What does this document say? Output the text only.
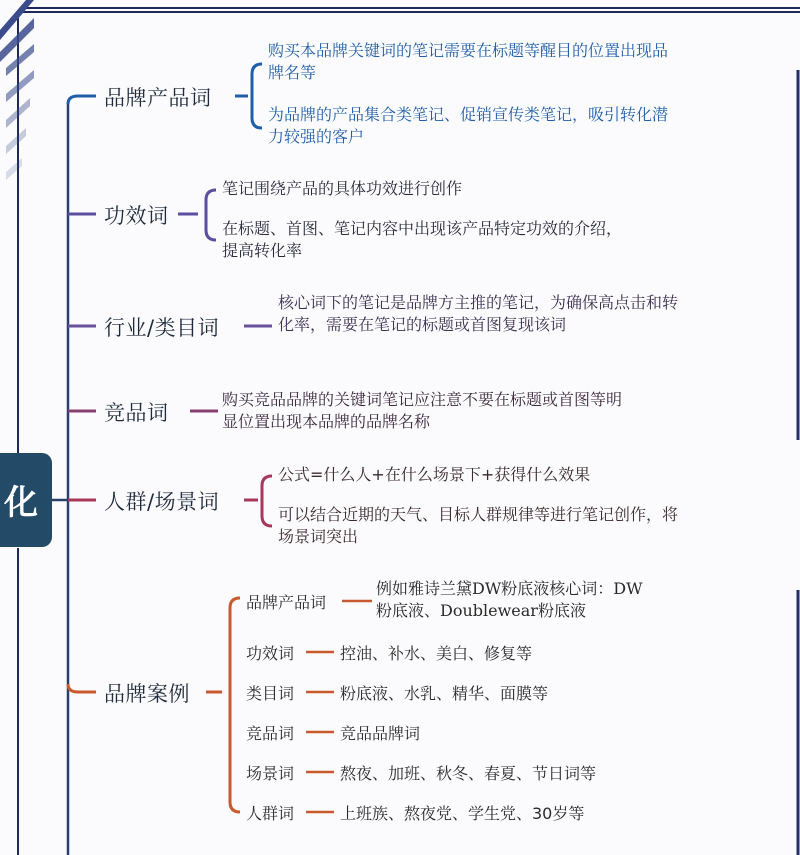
化
品牌产品词
购买本品牌关键词的笔记需要在标题等醒目的位置出现品牌名等
为品牌的产品集合类笔记、促销宣传类笔记，吸引转化潜力较强的客户
功效词
笔记围绕产品的具体功效进行创作
在标题、首图、笔记内容中出现该产品特定功效的介绍，提高转化率
行业/类目词
核心词下的笔记是品牌方主推的笔记，为确保高点击和转化率，需要在笔记的标题或首图复现该词
竞品词
购买竞品品牌的关键词笔记应注意不要在标题或首图等明显位置出现本品牌的品牌名称
人群/场景词
公式=什么人+在什么场景下+获得什么效果
可以结合近期的天气、目标人群规律等进行笔记创作，将场景词突出
品牌案例
品牌产品词
例如雅诗兰黛DW粉底液核心词：DW粉底液、Doublewear粉底液
功效词	控油、补水、美白、修复等
类目词	粉底液、水乳、精华、面膜等
竞品词	竞品品牌词
场景词	熬夜、加班、秋冬、春夏、节日词等
人群词	上班族、熬夜党、学生党、30岁等
